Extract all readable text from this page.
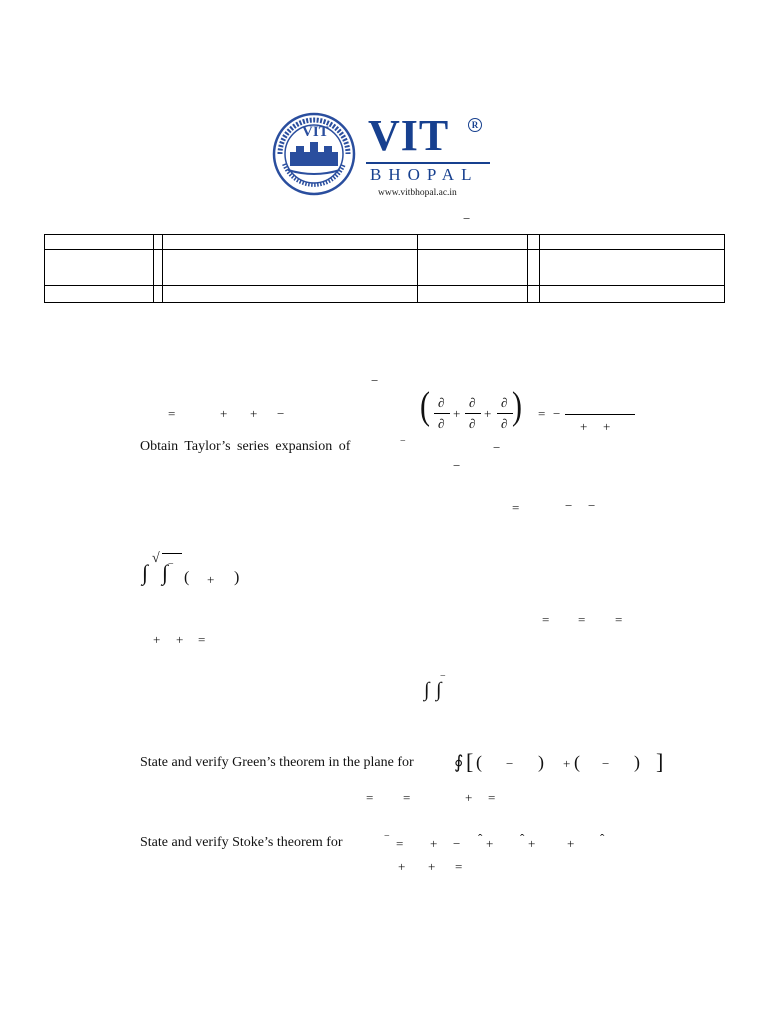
VIT VIT	R
BHOPAL
www.vitbhopal.ac.in
−
−
=	+ + −	( ∂
∂
+
∂
∂
+
∂
∂ ) = −
+ +
Obtain Taylor’s series expansion of	−	−
−
=	− −
∫
√
∫ −
( + )
= = =
+ + =
∫ ∫
−
State and verify Green’s theorem in the plane for ∮ [ ( − ) + ( − ) ]
= =	+ =
State and verify Stoke’s theorem for	− = + − ˆ + ˆ + + ˆ
+ + =
